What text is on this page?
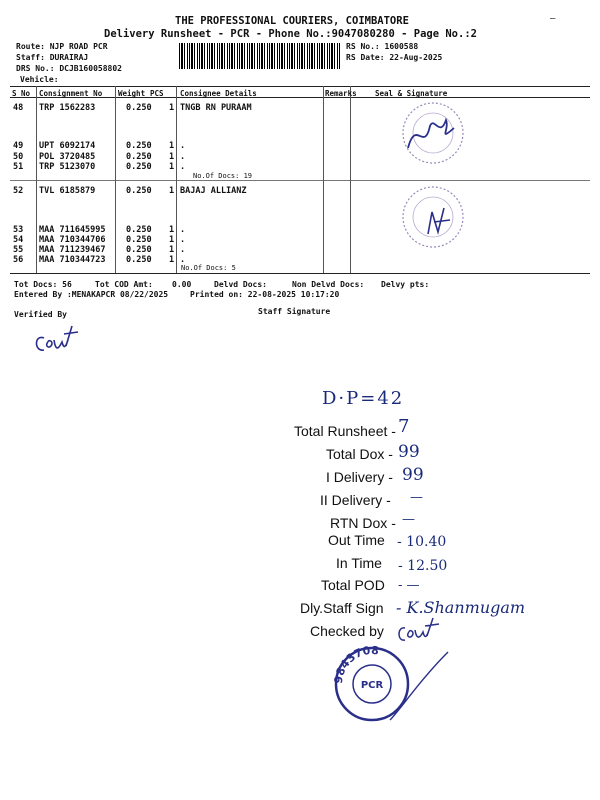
THE PROFESSIONAL COURIERS, COIMBATORE
Delivery Runsheet - PCR - Phone No.:9047080280 - Page No.:2
–
Route: NJP ROAD PCR
Staff: DURAIRAJ
DRS No.: DCJB160058802
Vehicle:
RS No.: 1600588
RS Date: 22-Aug-2025
S No Consignment No Weight PCS Consignee Details	Remarks Seal & Signature
48 TRP 1562283	0.250 1 TNGB RN PURAAM
49 UPT 6092174	0.250 1 .
50 POL 3720485	0.250 1 .
51 TRP 5123070	0.250 1 .
No.Of Docs: 19
52 TVL 6185879	0.250 1 BAJAJ ALLIANZ
53 MAA 711645995 0.250 1 .
54 MAA 710344706 0.250 1 .
55 MAA 711239467 0.250 1 .
56 MAA 710344723 0.250 1 .
No.Of Docs: 5
Tot Docs: 56	Tot COD Amt: 0.00	Delvd Docs:	Non Delvd Docs: Delvy pts:
Entered By :MENAKAPCR 08/22/2025	Printed on: 22-08-2025 10:17:20
Verified By	Staff Signature
D·P=42
Total Runsheet - 7
Total Dox - 99
I Delivery - 99
II Delivery - —
RTN Dox - —
Out Time - 10.40
In Time - 12.50
Total POD - —
Dly.Staff Sign - K.Shanmugam
Checked by
9843708
PCR
